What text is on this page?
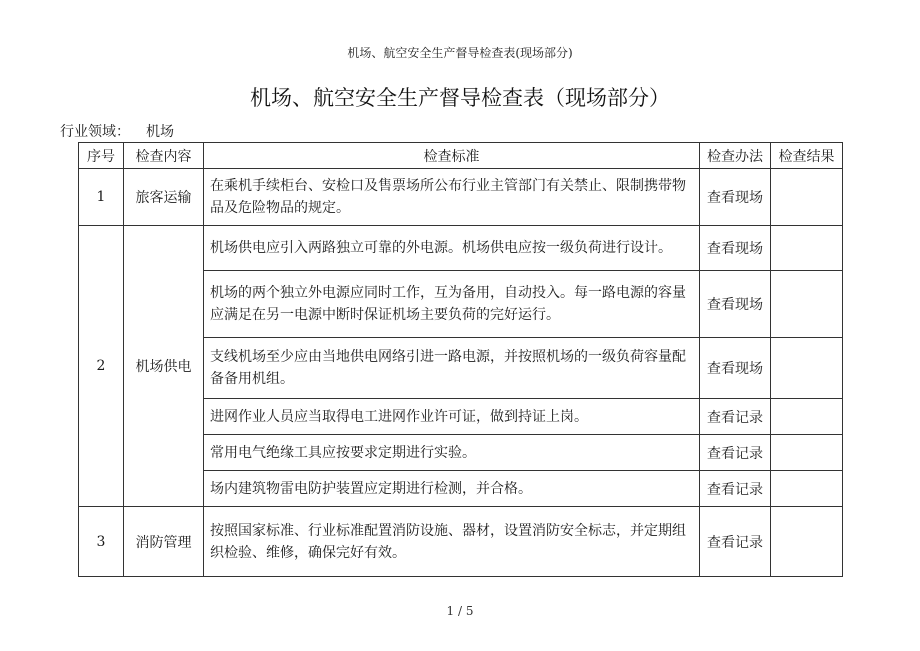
机场、航空安全生产督导检查表(现场部分)
机场、航空安全生产督导检查表（现场部分）
行业领域： 机场
序号	检查内容	检查标准	检查办法	检查结果
1	旅客运输	在乘机手续柜台、安检口及售票场所公布行业主管部门有关禁止、限制携带物品及危险物品的规定。	查看现场	
2	机场供电	机场供电应引入两路独立可靠的外电源。机场供电应按一级负荷进行设计。	查看现场	
		机场的两个独立外电源应同时工作，互为备用，自动投入。每一路电源的容量应满足在另一电源中断时保证机场主要负荷的完好运行。	查看现场	
		支线机场至少应由当地供电网络引进一路电源，并按照机场的一级负荷容量配备备用机组。	查看现场	
		进网作业人员应当取得电工进网作业许可证，做到持证上岗。	查看记录	
		常用电气绝缘工具应按要求定期进行实验。	查看记录	
		场内建筑物雷电防护装置应定期进行检测，并合格。	查看记录	
3	消防管理	按照国家标准、行业标准配置消防设施、器材，设置消防安全标志，并定期组织检验、维修，确保完好有效。	查看记录	
1 / 5
